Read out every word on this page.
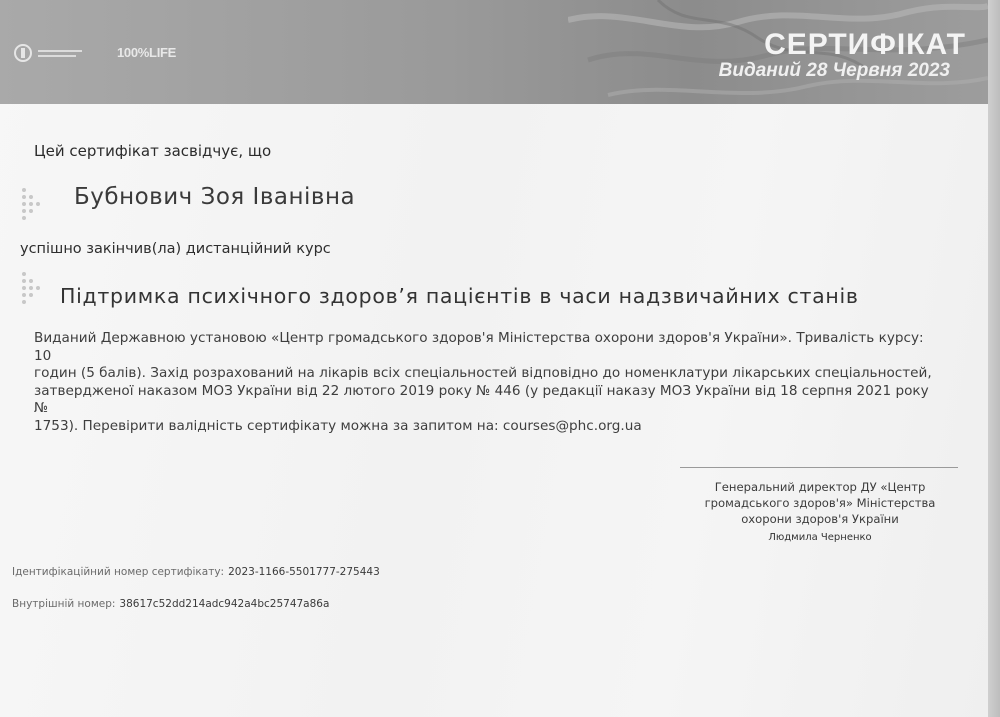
100%LIFE	СЕРТИФІКАТ
Виданий 28 Червня 2023
Цей сертифікат засвідчує, що
Бубнович Зоя Іванівна
успішно закінчив(ла) дистанційний курс
Підтримка психічного здоров’я пацієнтів в часи надзвичайних станів
Виданий Державною установою «Центр громадського здоров'я Міністерства охорони здоров'я України». Тривалість курсу: 10
годин (5 балів). Захід розрахований на лікарів всіх спеціальностей відповідно до номенклатури лікарських спеціальностей,
затвердженої наказом МОЗ України від 22 лютого 2019 року № 446 (у редакції наказу МОЗ України від 18 серпня 2021 року №
1753). Перевірити валідність сертифікату можна за запитом на: courses@phc.org.ua
Генеральний директор ДУ «Центр
громадського здоров'я» Міністерства
охорони здоров'я України
Людмила Черненко
Ідентифікаційний номер сертифікату: 2023-1166-5501777-275443
Внутрішній номер: 38617c52dd214adc942a4bc25747a86a
